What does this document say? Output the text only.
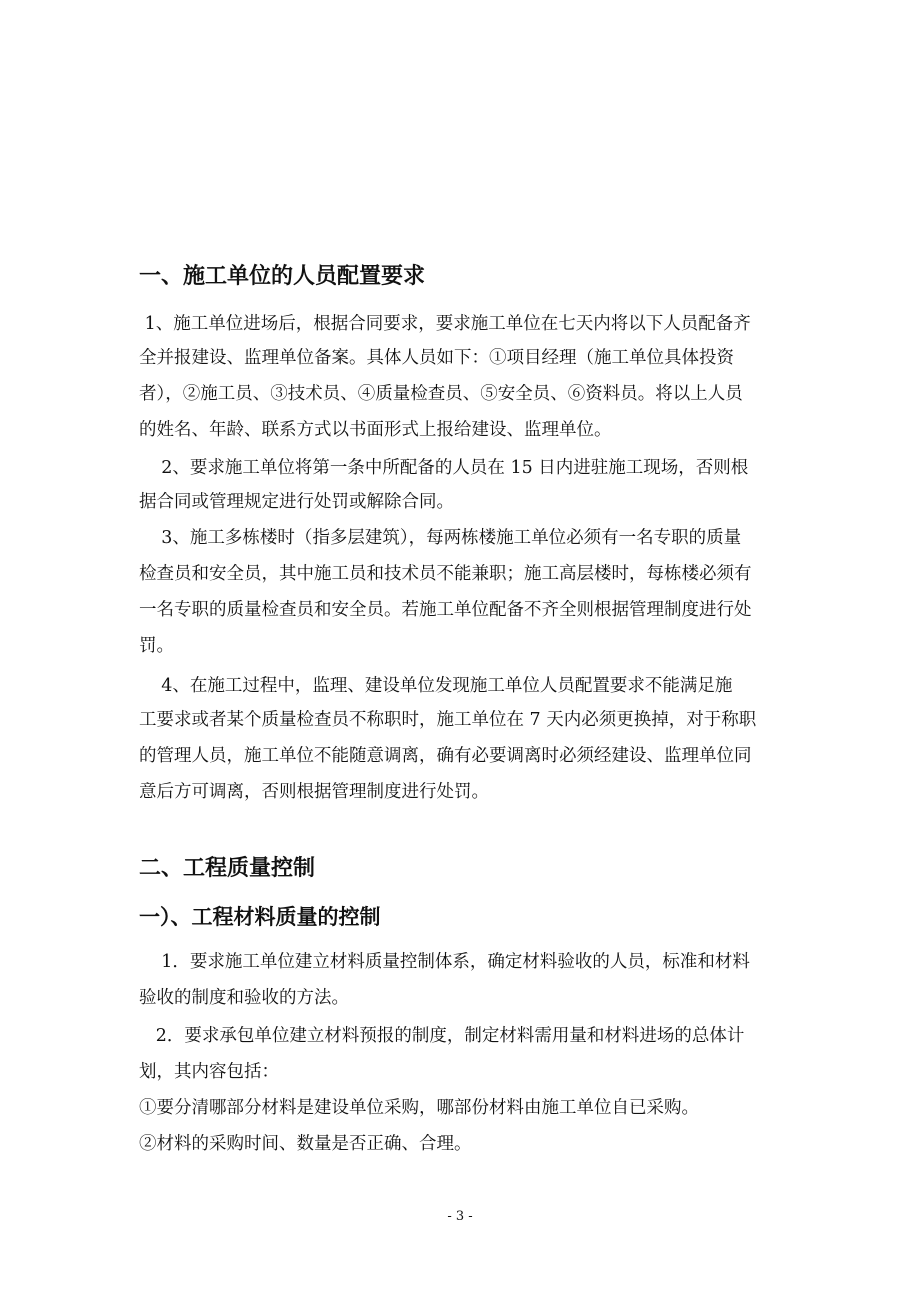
一、施工单位的人员配置要求
1、施工单位进场后，根据合同要求，要求施工单位在七天内将以下人员配备齐
全并报建设、监理单位备案。具体人员如下：①项目经理（施工单位具体投资
者），②施工员、③技术员、④质量检查员、⑤安全员、⑥资料员。将以上人员
的姓名、年龄、联系方式以书面形式上报给建设、监理单位。
2、要求施工单位将第一条中所配备的人员在 15 日内进驻施工现场，否则根
据合同或管理规定进行处罚或解除合同。
3、施工多栋楼时（指多层建筑），每两栋楼施工单位必须有一名专职的质量
检查员和安全员，其中施工员和技术员不能兼职；施工高层楼时，每栋楼必须有
一名专职的质量检查员和安全员。若施工单位配备不齐全则根据管理制度进行处
罚。
4、在施工过程中，监理、建设单位发现施工单位人员配置要求不能满足施
工要求或者某个质量检查员不称职时，施工单位在 7 天内必须更换掉，对于称职
的管理人员，施工单位不能随意调离，确有必要调离时必须经建设、监理单位同
意后方可调离，否则根据管理制度进行处罚。
二、工程质量控制
一）、工程材料质量的控制
1．要求施工单位建立材料质量控制体系，确定材料验收的人员，标准和材料
验收的制度和验收的方法。
2．要求承包单位建立材料预报的制度，制定材料需用量和材料进场的总体计
划，其内容包括：
①要分清哪部分材料是建设单位采购，哪部份材料由施工单位自已采购。
②材料的采购时间、数量是否正确、合理。
- 3 -
